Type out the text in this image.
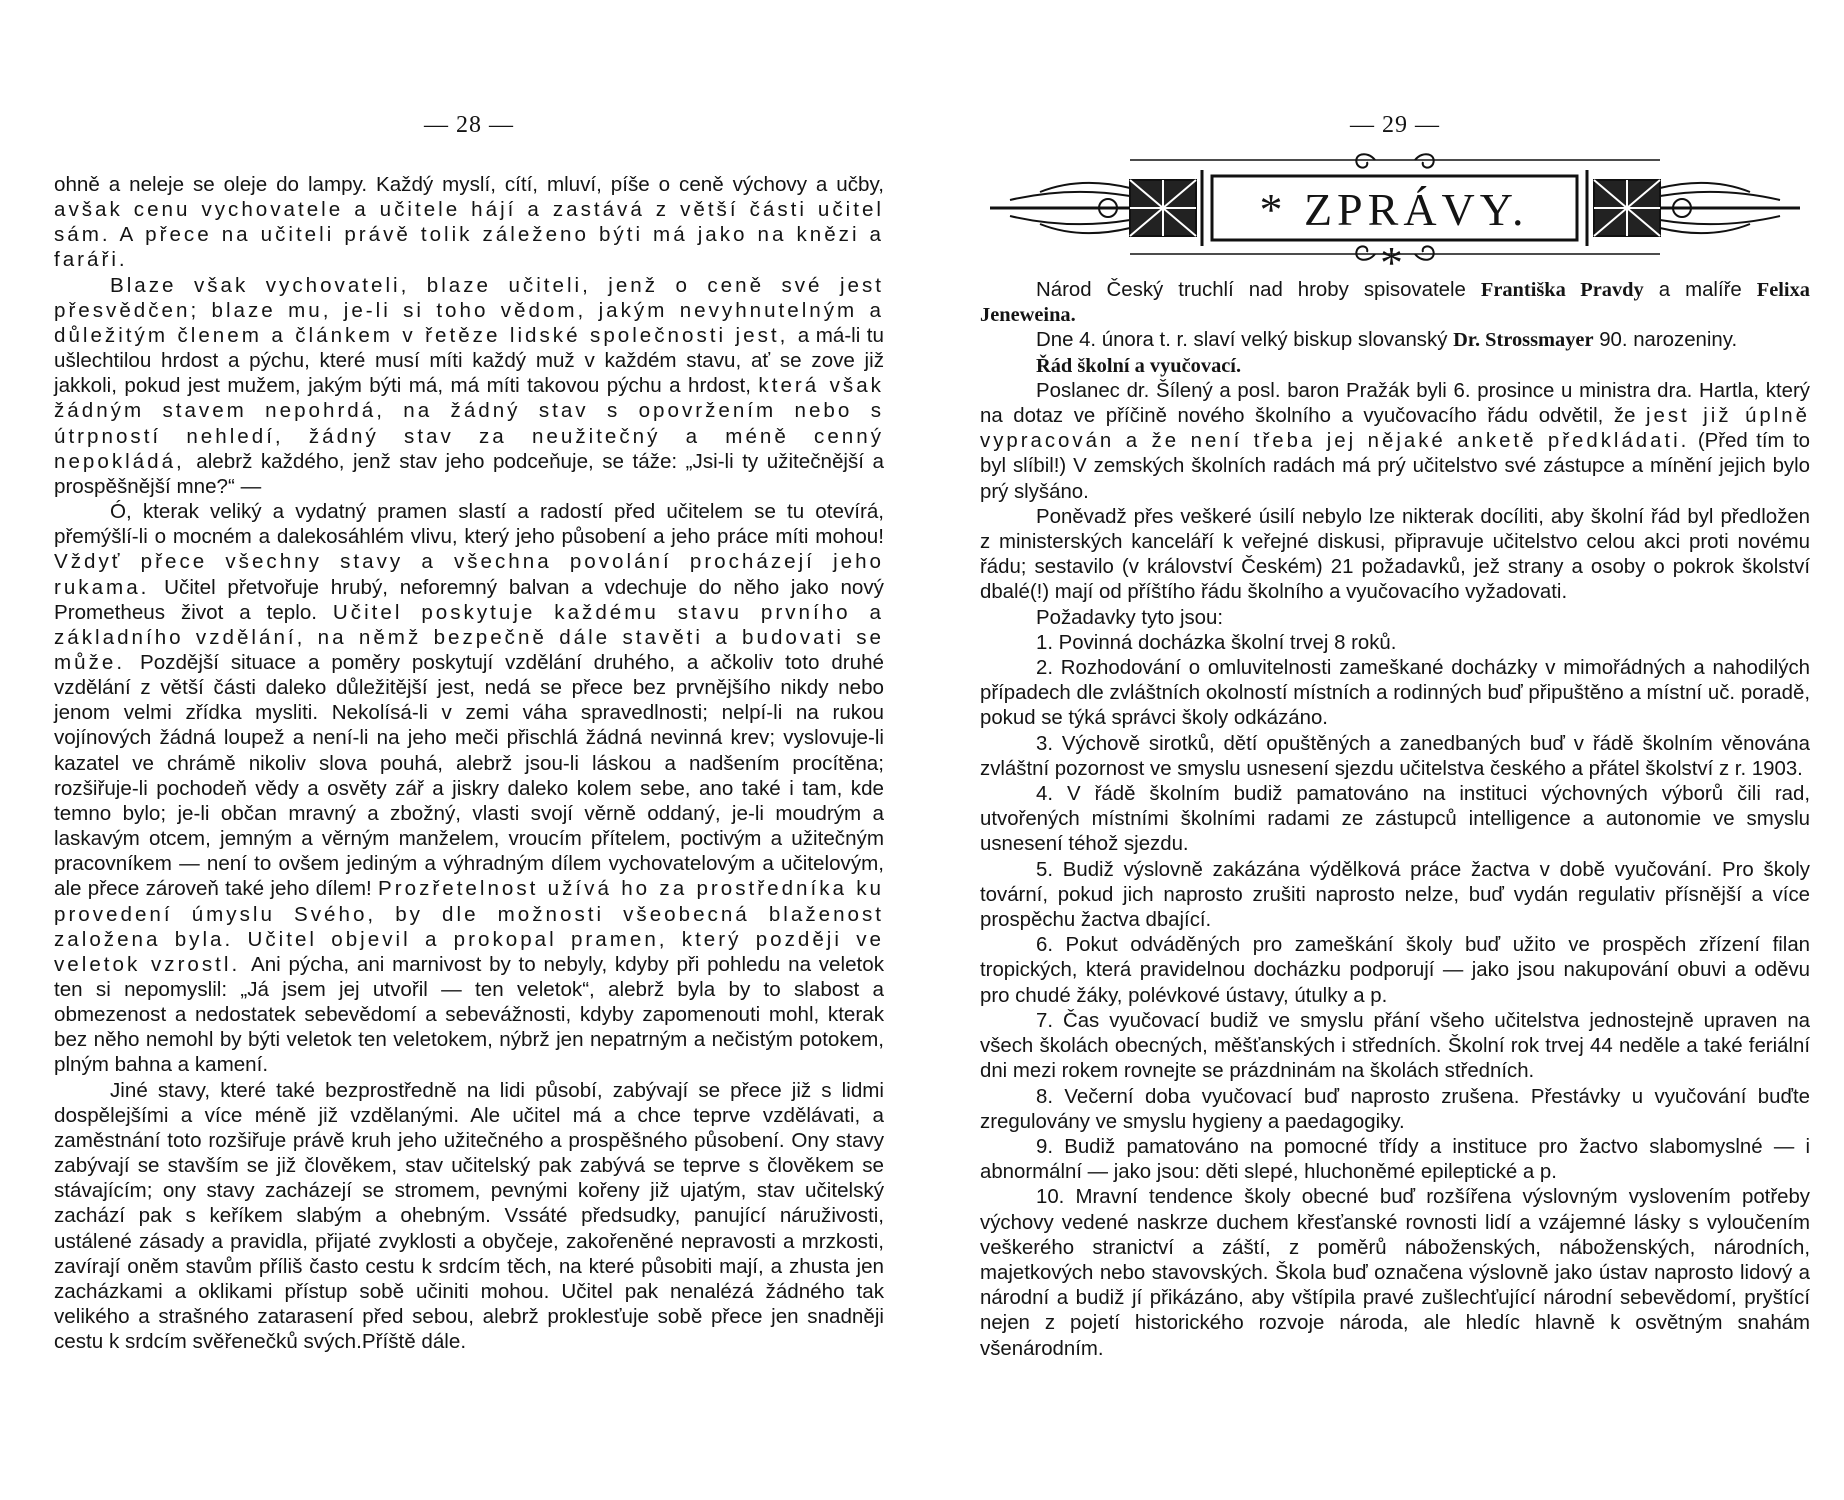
— 28 —

ohně a neleje se oleje do lampy. Každý myslí, cítí, mluví, píše o ceně výchovy a učby, avšak cenu vychovatele a učitele hájí a zastává z větší části učitel sám. A přece na učiteli právě tolik záleženo býti má jako na knězi a faráři.

Blaze však vychovateli, blaze učiteli, jenž o ceně své jest přesvědčen; blaze mu, je-li si toho vědom, jakým nevyhnutelným a důležitým členem a článkem v řetěze lidské společnosti jest, a má-li tu ušlechtilou hrdost a pýchu, které musí míti každý muž v každém stavu, ať se zove již jakkoli, pokud jest mužem, jakým býti má, má míti takovou pýchu a hrdost, která však žádným stavem nepohrdá, na žádný stav s opovržením nebo s útrpností nehledí, žádný stav za neužitečný a méně cenný nepokládá, alebrž každého, jenž stav jeho podceňuje, se táže: „Jsi-li ty užitečnější a prospěšnější mne?“ —

Ó, kterak veliký a vydatný pramen slastí a radostí před učitelem se tu otevírá, přemýšlí-li o mocném a dalekosáhlém vlivu, který jeho působení a jeho práce míti mohou! Vždyť přece všechny stavy a všechna povolání procházejí jeho rukama. Učitel přetvořuje hrubý, neforemný balvan a vdechuje do něho jako nový Prometheus život a teplo. Učitel poskytuje každému stavu prvního a základního vzdělání, na němž bezpečně dále stavěti a budovati se může. Pozdější situace a poměry poskytují vzdělání druhého, a ačkoliv toto druhé vzdělání z větší části daleko důležitější jest, nedá se přece bez prvnějšího nikdy nebo jenom velmi zřídka mysliti. Nekolísá-li v zemi váha spravedlnosti; nelpí-li na rukou vojínových žádná loupež a není-li na jeho meči přischlá žádná nevinná krev; vyslovuje-li kazatel ve chrámě nikoliv slova pouhá, alebrž jsou-li láskou a nadšením procítěna; rozšiřuje-li pochodeň vědy a osvěty zář a jiskry daleko kolem sebe, ano také i tam, kde temno bylo; je-li občan mravný a zbožný, vlasti svojí věrně oddaný, je-li moudrým a laskavým otcem, jemným a věrným manželem, vroucím přítelem, poctivým a užitečným pracovníkem — není to ovšem jediným a výhradným dílem vychovatelovým a učitelovým, ale přece zároveň také jeho dílem! Prozřetelnost užívá ho za prostředníka ku provedení úmyslu Svého, by dle možnosti všeobecná blaženost založena byla. Učitel objevil a prokopal pramen, který později ve veletok vzrostl. Ani pýcha, ani marnivost by to nebyly, kdyby při pohledu na veletok ten si nepomyslil: „Já jsem jej utvořil — ten veletok“, alebrž byla by to slabost a obmezenost a nedostatek sebevědomí a sebevážnosti, kdyby zapomenouti mohl, kterak bez něho nemohl by býti veletok ten veletokem, nýbrž jen nepatrným a nečistým potokem, plným bahna a kamení.

Jiné stavy, které také bezprostředně na lidi působí, zabývají se přece již s lidmi dospělejšími a více méně již vzdělanými. Ale učitel má a chce teprve vzdělávati, a zaměstnání toto rozšiřuje právě kruh jeho užitečného a prospěšného působení. Ony stavy zabývají se stavším se již člověkem, stav učitelský pak zabývá se teprve s člověkem se stávajícím; ony stavy zacházejí se stromem, pevnými kořeny již ujatým, stav učitelský zachází pak s keříkem slabým a ohebným. Vssáté předsudky, panující náruživosti, ustálené zásady a pravidla, přijaté zvyklosti a obyčeje, zakořeněné nepravosti a mrzkosti, zavírají oněm stavům příliš často cestu k srdcím těch, na které působiti mají, a zhusta jen zacházkami a oklikami přístup sobě učiniti mohou. Učitel pak nenalézá žádného tak velikého a strašného zatarasení před sebou, alebrž proklesťuje sobě přece jen snadněji cestu k srdcím svěřenečků svých.Příště dále.

— 29 —
* ZPRÁVY. *

Národ Český truchlí nad hroby spisovatele Františka Pravdy a malíře Felixa Jeneweina.

Dne 4. února t. r. slaví velký biskup slovanský Dr. Strossmayer 90. narozeniny.

Řád školní a vyučovací.

Poslanec dr. Šílený a posl. baron Pražák byli 6. prosince u ministra dra. Hartla, který na dotaz ve příčině nového školního a vyučovacího řádu odvětil, že jest již úplně vypracován a že není třeba jej nějaké anketě předkládati. (Před tím to byl slíbil!) V zemských školních radách má prý učitelstvo své zástupce a mínění jejich bylo prý slyšáno.

Poněvadž přes veškeré úsilí nebylo lze nikterak docíliti, aby školní řád byl předložen z ministerských kanceláří k veřejné diskusi, připravuje učitelstvo celou akci proti novému řádu; sestavilo (v království Českém) 21 požadavků, jež strany a osoby o pokrok školství dbalé(!) mají od příštího řádu školního a vyučovacího vyžadovati.

Požadavky tyto jsou:

1. Povinná docházka školní trvej 8 roků.

2. Rozhodování o omluvitelnosti zameškané docházky v mimořádných a nahodilých případech dle zvláštních okolností místních a rodinných buď připuštěno a místní uč. poradě, pokud se týká správci školy odkázáno.

3. Výchově sirotků, dětí opuštěných a zanedbaných buď v řádě školním věnována zvláštní pozornost ve smyslu usnesení sjezdu učitelstva českého a přátel školství z r. 1903.

4. V řádě školním budiž pamatováno na instituci výchovných výborů čili rad, utvořených místními školními radami ze zástupců intelligence a autonomie ve smyslu usnesení téhož sjezdu.

5. Budiž výslovně zakázána výdělková práce žactva v době vyučování. Pro školy tovární, pokud jich naprosto zrušiti naprosto nelze, buď vydán regulativ přísnější a více prospěchu žactva dbající.

6. Pokut odváděných pro zameškání školy buď užito ve prospěch zřízení filan tropických, která pravidelnou docházku podporují — jako jsou nakupování obuvi a oděvu pro chudé žáky, polévkové ústavy, útulky a p.

7. Čas vyučovací budiž ve smyslu přání všeho učitelstva jednostejně upraven na všech školách obecných, měšťanských i středních. Školní rok trvej 44 neděle a také feriální dni mezi rokem rovnejte se prázdninám na školách středních.

8. Večerní doba vyučovací buď naprosto zrušena. Přestávky u vyučování buďte zregulovány ve smyslu hygieny a paedagogiky.

9. Budiž pamatováno na pomocné třídy a instituce pro žactvo slabomyslné — i abnormální — jako jsou: děti slepé, hluchoněmé epileptické a p.

10. Mravní tendence školy obecné buď rozšířena výslovným vyslovením potřeby výchovy vedené naskrze duchem křesťanské rovnosti lidí a vzájemné lásky s vyloučením veškerého stranictví a záští, z poměrů náboženských, náboženských, národních, majetkových nebo stavovských. Škola buď označena výslovně jako ústav naprosto lidový a národní a budiž jí přikázáno, aby vštípila pravé zušlechťující národní sebevědomí, pryštící nejen z pojetí historického rozvoje národa, ale hledíc hlavně k osvětným snahám všenárodním.
